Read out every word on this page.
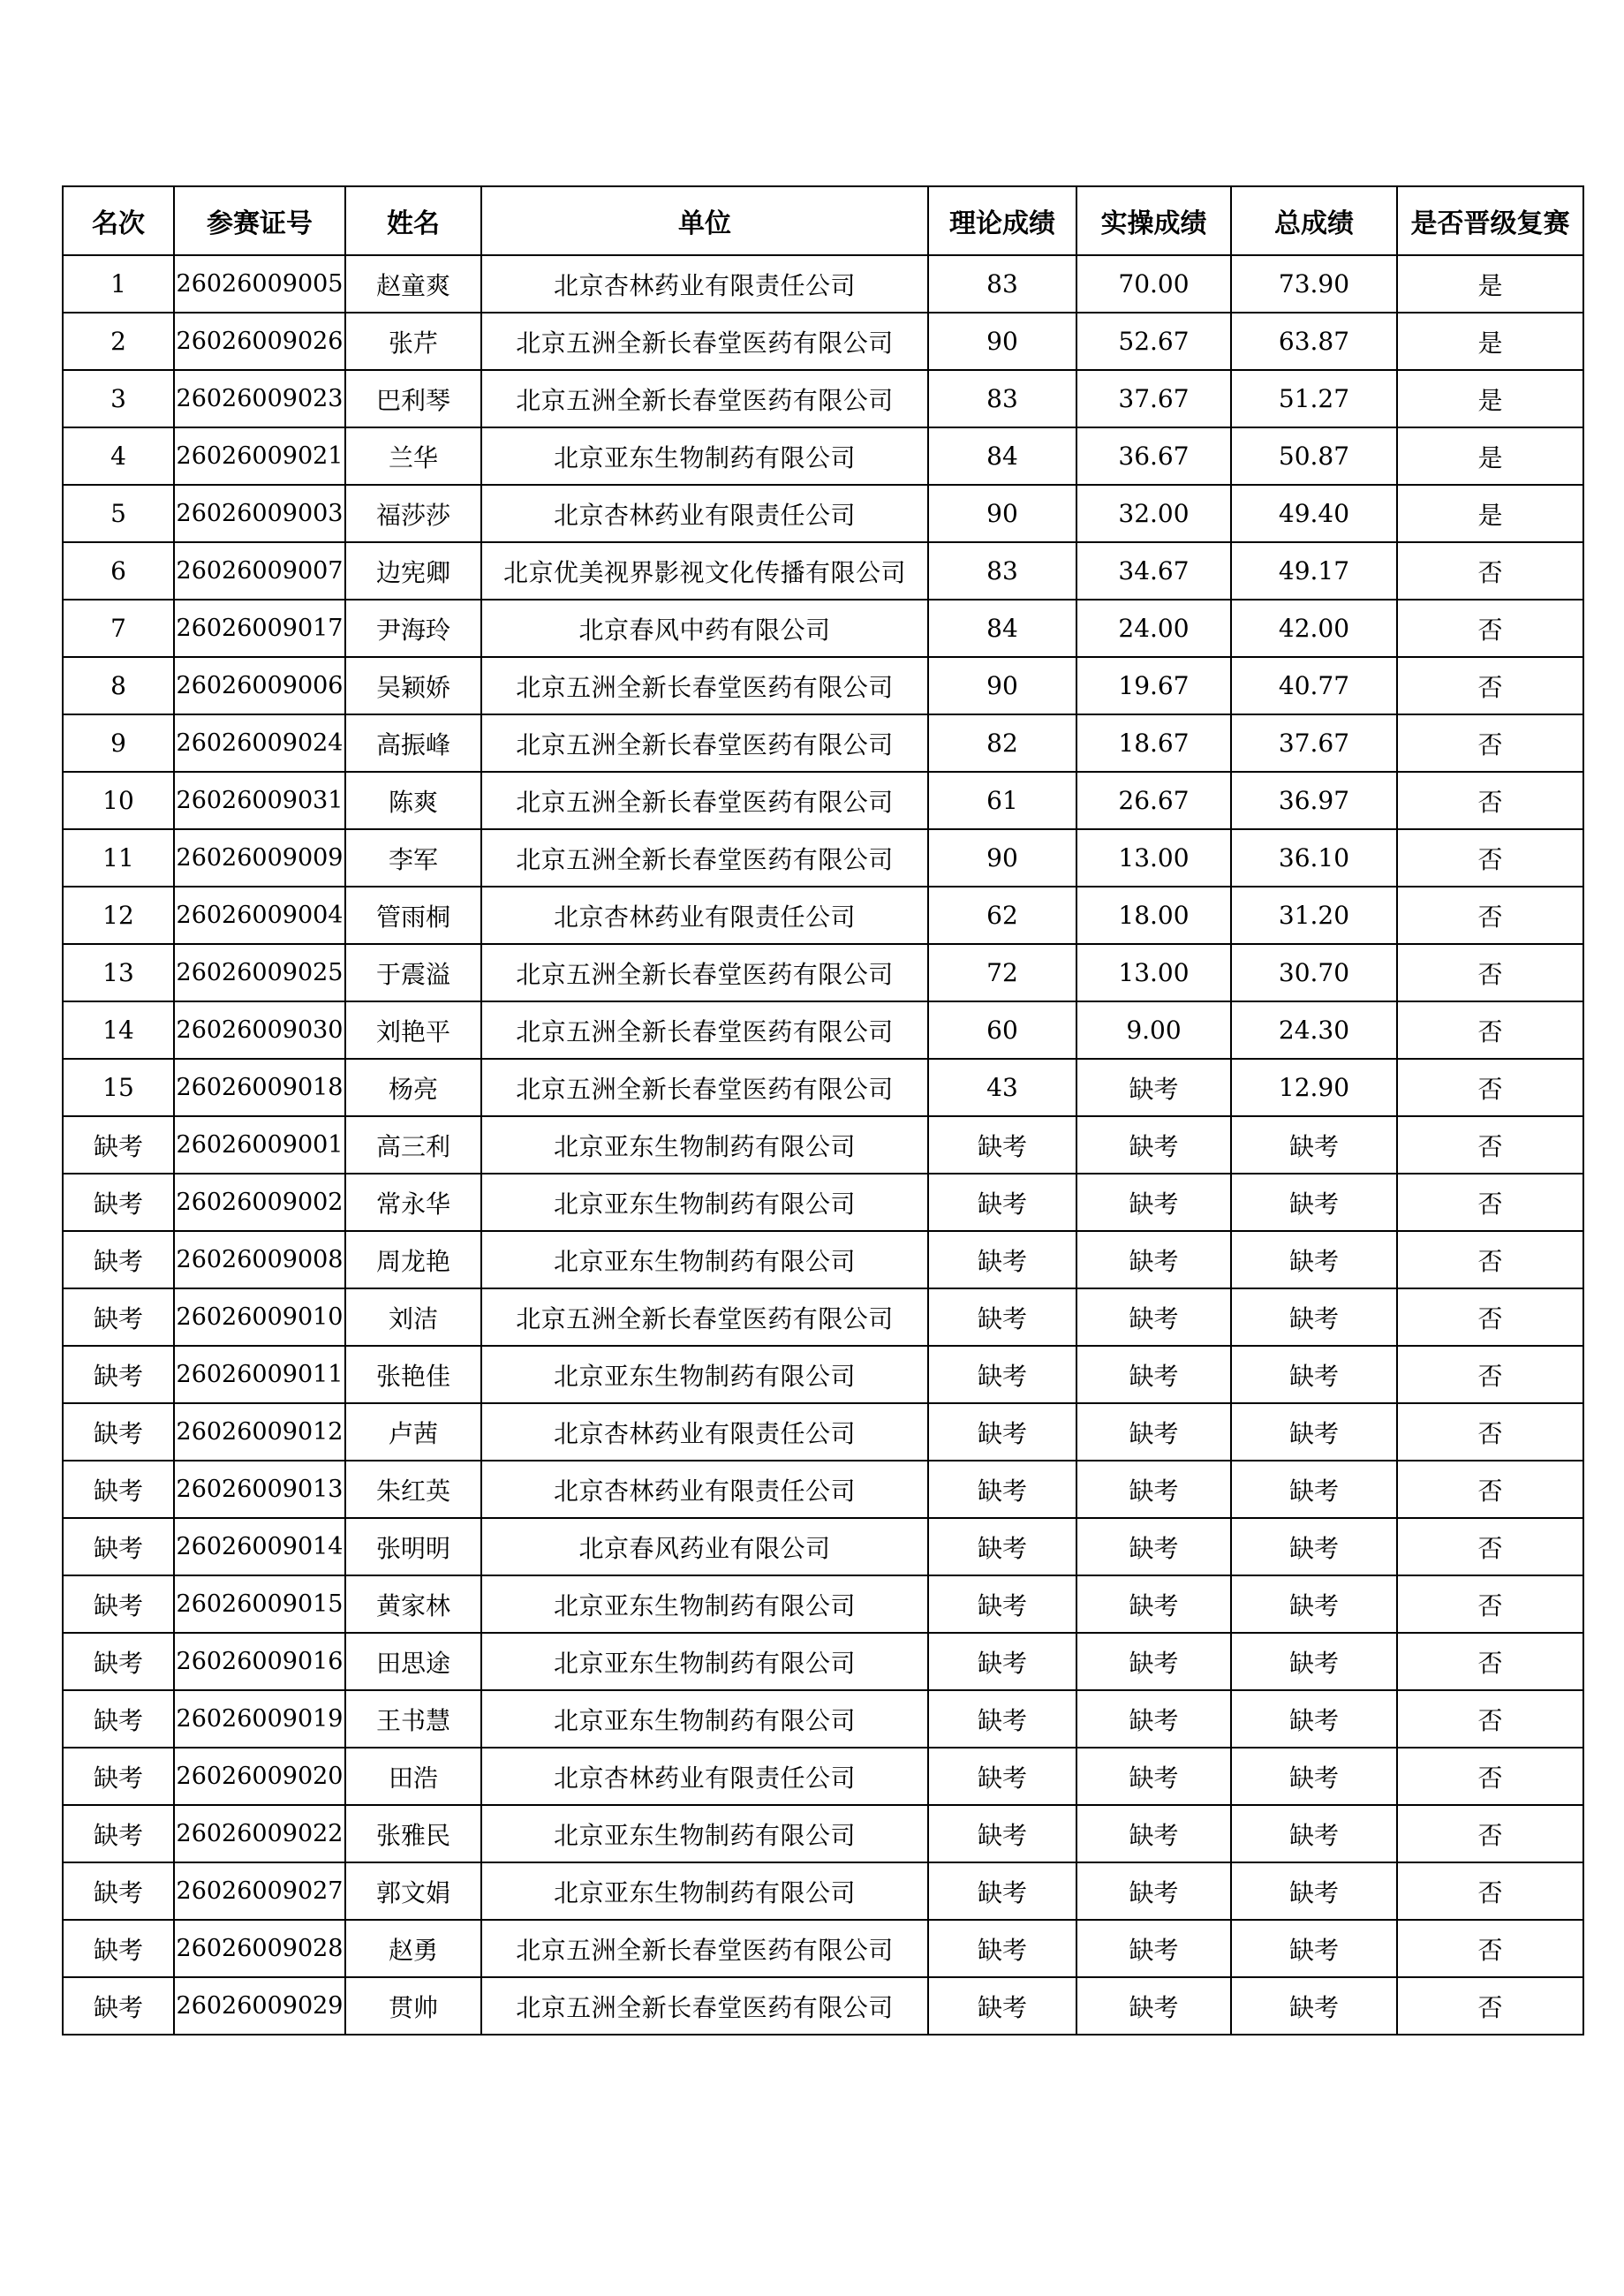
名次	参赛证号	姓名	单位	理论成绩	实操成绩	总成绩	是否晋级复赛
1	26026009005	赵童爽	北京杏林药业有限责任公司	83	70.00	73.90	是
2	26026009026	张芹	北京五洲全新长春堂医药有限公司	90	52.67	63.87	是
3	26026009023	巴利琴	北京五洲全新长春堂医药有限公司	83	37.67	51.27	是
4	26026009021	兰华	北京亚东生物制药有限公司	84	36.67	50.87	是
5	26026009003	福莎莎	北京杏林药业有限责任公司	90	32.00	49.40	是
6	26026009007	边宪卿	北京优美视界影视文化传播有限公司	83	34.67	49.17	否
7	26026009017	尹海玲	北京春风中药有限公司	84	24.00	42.00	否
8	26026009006	吴颖娇	北京五洲全新长春堂医药有限公司	90	19.67	40.77	否
9	26026009024	高振峰	北京五洲全新长春堂医药有限公司	82	18.67	37.67	否
10	26026009031	陈爽	北京五洲全新长春堂医药有限公司	61	26.67	36.97	否
11	26026009009	李军	北京五洲全新长春堂医药有限公司	90	13.00	36.10	否
12	26026009004	管雨桐	北京杏林药业有限责任公司	62	18.00	31.20	否
13	26026009025	于震溢	北京五洲全新长春堂医药有限公司	72	13.00	30.70	否
14	26026009030	刘艳平	北京五洲全新长春堂医药有限公司	60	9.00	24.30	否
15	26026009018	杨亮	北京五洲全新长春堂医药有限公司	43	缺考	12.90	否
缺考	26026009001	高三利	北京亚东生物制药有限公司	缺考	缺考	缺考	否
缺考	26026009002	常永华	北京亚东生物制药有限公司	缺考	缺考	缺考	否
缺考	26026009008	周龙艳	北京亚东生物制药有限公司	缺考	缺考	缺考	否
缺考	26026009010	刘洁	北京五洲全新长春堂医药有限公司	缺考	缺考	缺考	否
缺考	26026009011	张艳佳	北京亚东生物制药有限公司	缺考	缺考	缺考	否
缺考	26026009012	卢茜	北京杏林药业有限责任公司	缺考	缺考	缺考	否
缺考	26026009013	朱红英	北京杏林药业有限责任公司	缺考	缺考	缺考	否
缺考	26026009014	张明明	北京春风药业有限公司	缺考	缺考	缺考	否
缺考	26026009015	黄家林	北京亚东生物制药有限公司	缺考	缺考	缺考	否
缺考	26026009016	田思途	北京亚东生物制药有限公司	缺考	缺考	缺考	否
缺考	26026009019	王书慧	北京亚东生物制药有限公司	缺考	缺考	缺考	否
缺考	26026009020	田浩	北京杏林药业有限责任公司	缺考	缺考	缺考	否
缺考	26026009022	张雅民	北京亚东生物制药有限公司	缺考	缺考	缺考	否
缺考	26026009027	郭文娟	北京亚东生物制药有限公司	缺考	缺考	缺考	否
缺考	26026009028	赵勇	北京五洲全新长春堂医药有限公司	缺考	缺考	缺考	否
缺考	26026009029	贯帅	北京五洲全新长春堂医药有限公司	缺考	缺考	缺考	否
